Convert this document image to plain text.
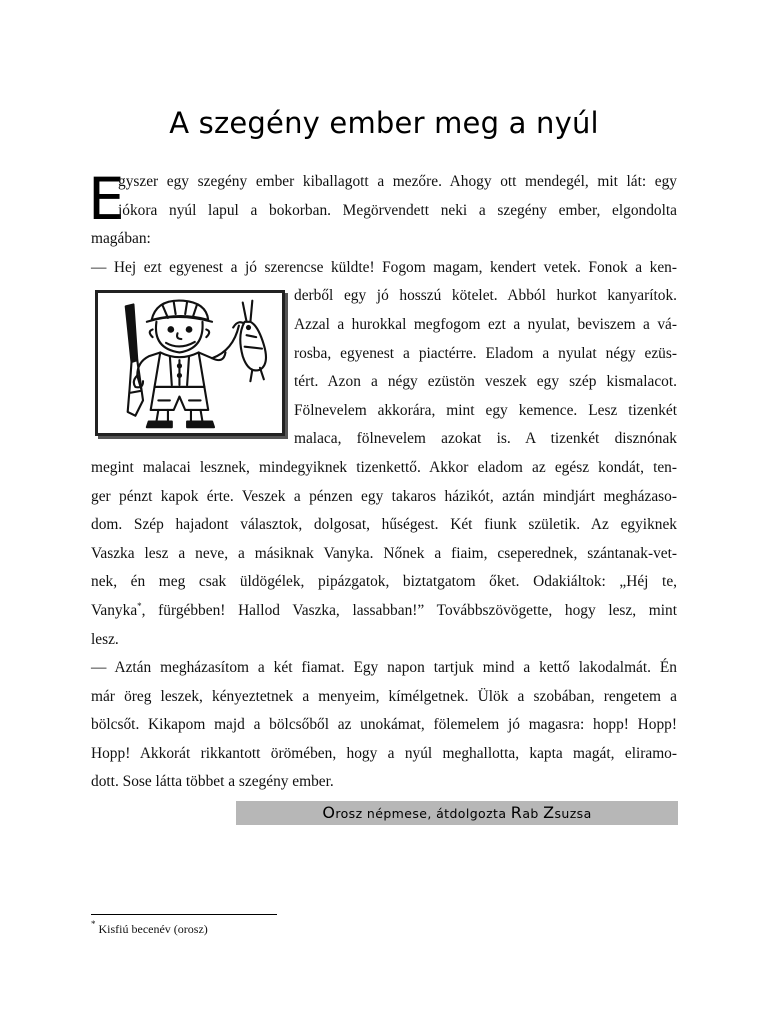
A szegény ember meg a nyúl
E
gyszer egy szegény ember kiballagott a mezőre. Ahogy ott mendegél, mit lát: egy
jókora nyúl lapul a bokorban. Megörvendett neki a szegény ember, elgondolta
magában:
— Hej ezt egyenest a jó szerencse küldte! Fogom magam, kendert vetek. Fonok a ken-
derből egy jó hosszú kötelet. Abból hurkot kanyarítok.
Azzal a hurokkal megfogom ezt a nyulat, beviszem a vá-
rosba, egyenest a piactérre. Eladom a nyulat négy ezüs-
tért. Azon a négy ezüstön veszek egy szép kismalacot.
Fölnevelem akkorára, mint egy kemence. Lesz tizenkét
malaca, fölnevelem azokat is. A tizenkét disznónak
megint malacai lesznek, mindegyiknek tizenkettő. Akkor eladom az egész kondát, ten-
ger pénzt kapok érte. Veszek a pénzen egy takaros házikót, aztán mindjárt megházaso-
dom. Szép hajadont választok, dolgosat, hűségest. Két fiunk születik. Az egyiknek
Vaszka lesz a neve, a másiknak Vanyka. Nőnek a fiaim, cseperednek, szántanak-vet-
nek, én meg csak üldögélek, pipázgatok, biztatgatom őket. Odakiáltok: „Héj te,
Vanyka*, fürgébben! Hallod Vaszka, lassabban!” Továbbszövögette, hogy lesz, mint
lesz.
— Aztán megházasítom a két fiamat. Egy napon tartjuk mind a kettő lakodalmát. Én
már öreg leszek, kényeztetnek a menyeim, kímélgetnek. Ülök a szobában, rengetem a
bölcsőt. Kikapom majd a bölcsőből az unokámat, fölemelem jó magasra: hopp! Hopp!
Hopp! Akkorát rikkantott örömében, hogy a nyúl meghallotta, kapta magát, eliramo-
dott. Sose látta többet a szegény ember.
Orosz népmese, átdolgozta Rab Zsuzsa
* Kisfiú becenév (orosz)
